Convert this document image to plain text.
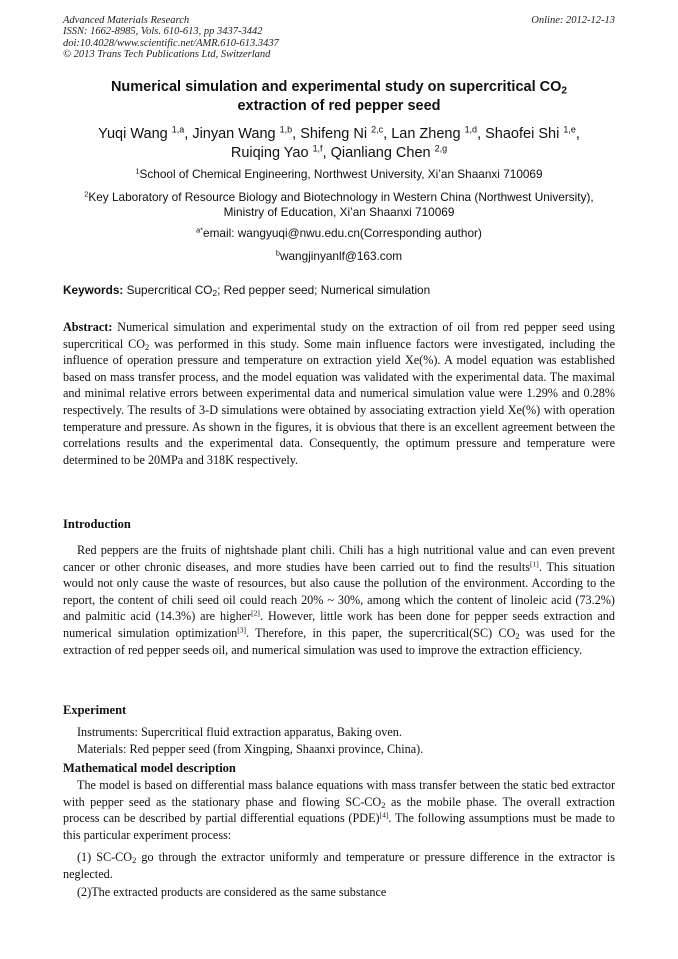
Advanced Materials Research
ISSN: 1662-8985, Vols. 610-613, pp 3437-3442
doi:10.4028/www.scientific.net/AMR.610-613.3437
© 2013 Trans Tech Publications Ltd, Switzerland
Online: 2012-12-13
Numerical simulation and experimental study on supercritical $CO_2$
extraction of red pepper seed
Yuqi Wang $^{1,a}$, Jinyan Wang $^{1,b}$, Shifeng Ni $^{2,c}$, Lan Zheng $^{1,d}$, Shaofei Shi $^{1,e}$,
Ruiqing Yao $^{1,f}$, Qianliang Chen $^{2,g}$
$^1$School of Chemical Engineering, Northwest University, Xi’an Shaanxi 710069
$^2$Key Laboratory of Resource Biology and Biotechnology in Western China (Northwest University),
Ministry of Education, Xi’an Shaanxi 710069
$^{a*}$email: wangyuqi@nwu.edu.cn(Corresponding author)
$^b$wangjinyanlf@163.com
Keywords: Supercritical $CO_2$; Red pepper seed; Numerical simulation
Abstract: Numerical simulation and experimental study on the extraction of oil from red pepper seed using supercritical $CO_2$ was performed in this study. Some main influence factors were investigated, including the influence of operation pressure and temperature on extraction yield Xe(%). A model equation was established based on mass transfer process, and the model equation was validated with the experimental data. The maximal and minimal relative errors between experimental data and numerical simulation value were 1.29% and 0.28% respectively. The results of 3-D simulations were obtained by associating extraction yield Xe(%) with operation temperature and pressure. As shown in the figures, it is obvious that there is an excellent agreement between the correlations results and the experimental data. Consequently, the optimum pressure and temperature were determined to be 20MPa and 318K respectively.
Introduction
Red peppers are the fruits of nightshade plant chili. Chili has a high nutritional value and can even prevent cancer or other chronic diseases, and more studies have been carried out to find the results[1]. This situation would not only cause the waste of resources, but also cause the pollution of the environment. According to the report, the content of chili seed oil could reach 20% ~ 30%, among which the content of linoleic acid (73.2%) and palmitic acid (14.3%) are higher[2]. However, little work has been done for pepper seeds extraction and numerical simulation optimization[3]. Therefore, in this paper, the supercritical(SC) $CO_2$ was used for the extraction of red pepper seeds oil, and numerical simulation was used to improve the extraction efficiency.
Experiment
Instruments: Supercritical fluid extraction apparatus, Baking oven.
Materials: Red pepper seed (from Xingping, Shaanxi province, China).
Mathematical model description
The model is based on differential mass balance equations with mass transfer between the static bed extractor with pepper seed as the stationary phase and flowing $SC-CO_2$ as the mobile phase. The overall extraction process can be described by partial differential equations (PDE)[4]. The following assumptions must be made to this particular experiment process:
(1) $SC-CO_2$ go through the extractor uniformly and temperature or pressure difference in the extractor is neglected.
(2)The extracted products are considered as the same substance
